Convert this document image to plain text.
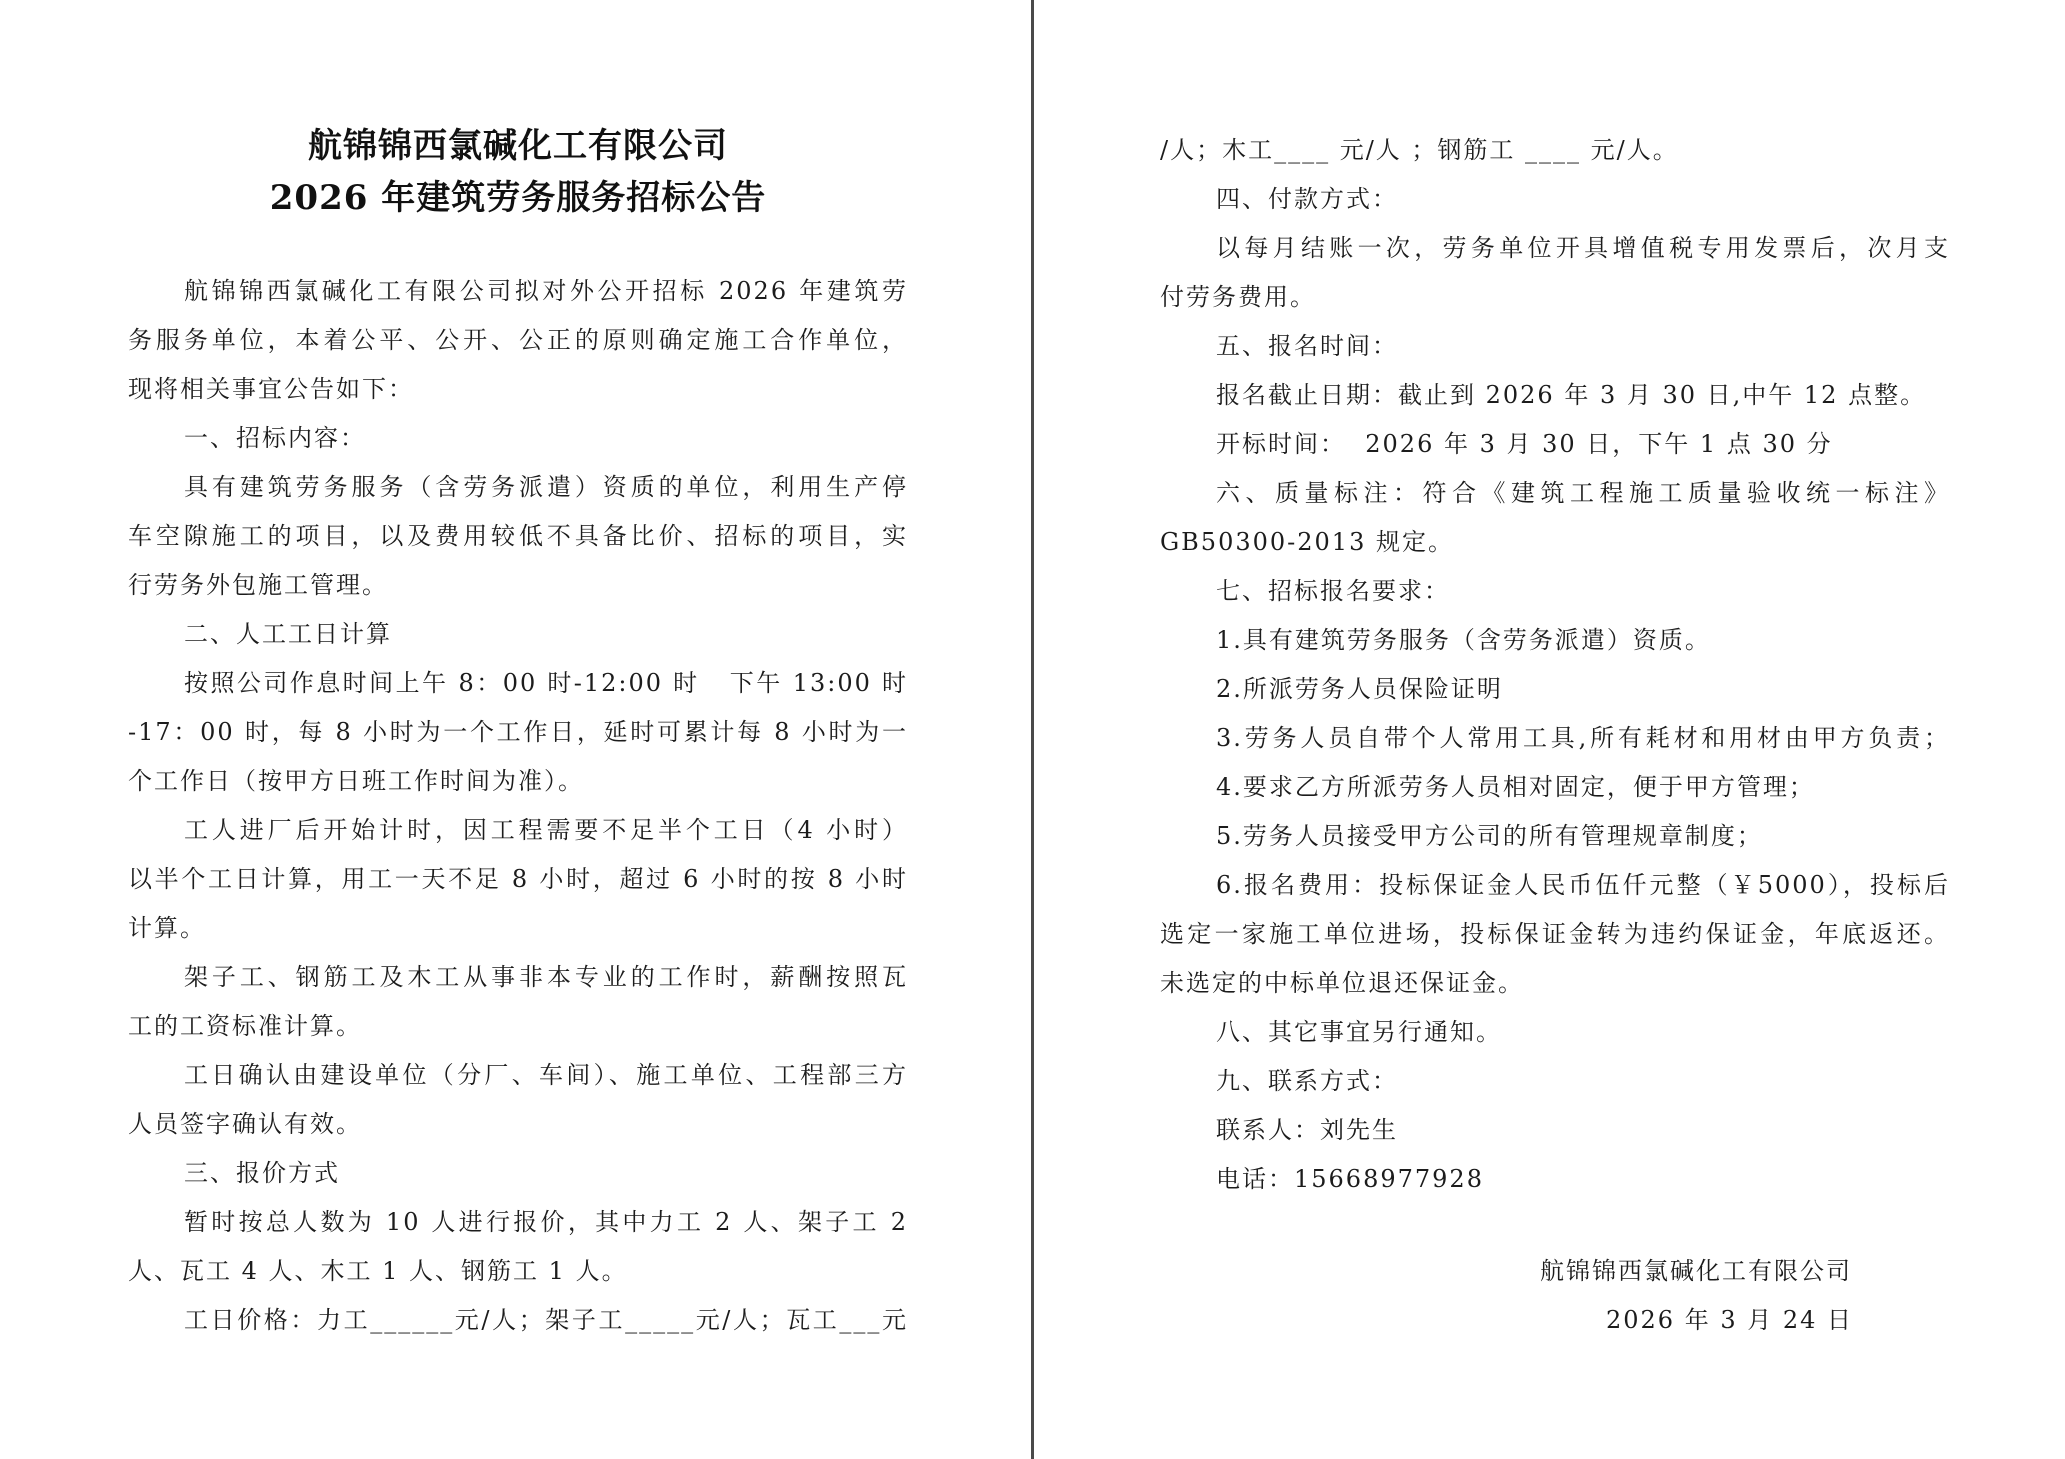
航锦锦西氯碱化工有限公司
2026 年建筑劳务服务招标公告
航锦锦西氯碱化工有限公司拟对外公开招标 2026 年建筑劳
务服务单位，本着公平、公开、公正的原则确定施工合作单位，
现将相关事宜公告如下：
一、招标内容：
具有建筑劳务服务（含劳务派遣）资质的单位，利用生产停
车空隙施工的项目，以及费用较低不具备比价、招标的项目，实
行劳务外包施工管理。
二、人工工日计算
按照公司作息时间上午 8：00 时-12:00 时   下午 13:00 时
-17：00 时，每 8 小时为一个工作日，延时可累计每 8 小时为一
个工作日（按甲方日班工作时间为准）。
工人进厂后开始计时，因工程需要不足半个工日（4 小时）
以半个工日计算，用工一天不足 8 小时，超过 6 小时的按 8 小时
计算。
架子工、钢筋工及木工从事非本专业的工作时，薪酬按照瓦
工的工资标准计算。
工日确认由建设单位（分厂、车间）、施工单位、工程部三方
人员签字确认有效。
三、报价方式
暂时按总人数为 10 人进行报价，其中力工 2 人、架子工 2
人、瓦工 4 人、木工 1 人、钢筋工 1 人。
工日价格：力工______元/人；架子工_____元/人；瓦工___元
/人；木工____ 元/人 ；钢筋工 ____ 元/人。
四、付款方式：
以每月结账一次，劳务单位开具增值税专用发票后，次月支
付劳务费用。
五、报名时间：
报名截止日期：截止到 2026 年 3 月 30 日,中午 12 点整。
开标时间：  2026 年 3 月 30 日，下午 1 点 30 分
六、质量标注：符合《建筑工程施工质量验收统一标注》
GB50300-2013 规定。
七、招标报名要求：
1.具有建筑劳务服务（含劳务派遣）资质。
2.所派劳务人员保险证明
3.劳务人员自带个人常用工具,所有耗材和用材由甲方负责；
4.要求乙方所派劳务人员相对固定，便于甲方管理；
5.劳务人员接受甲方公司的所有管理规章制度；
6.报名费用：投标保证金人民币伍仟元整（￥5000），投标后
选定一家施工单位进场，投标保证金转为违约保证金，年底返还。
未选定的中标单位退还保证金。
八、其它事宜另行通知。
九、联系方式：
联系人：刘先生
电话：15668977928
航锦锦西氯碱化工有限公司
2026 年 3 月 24 日
